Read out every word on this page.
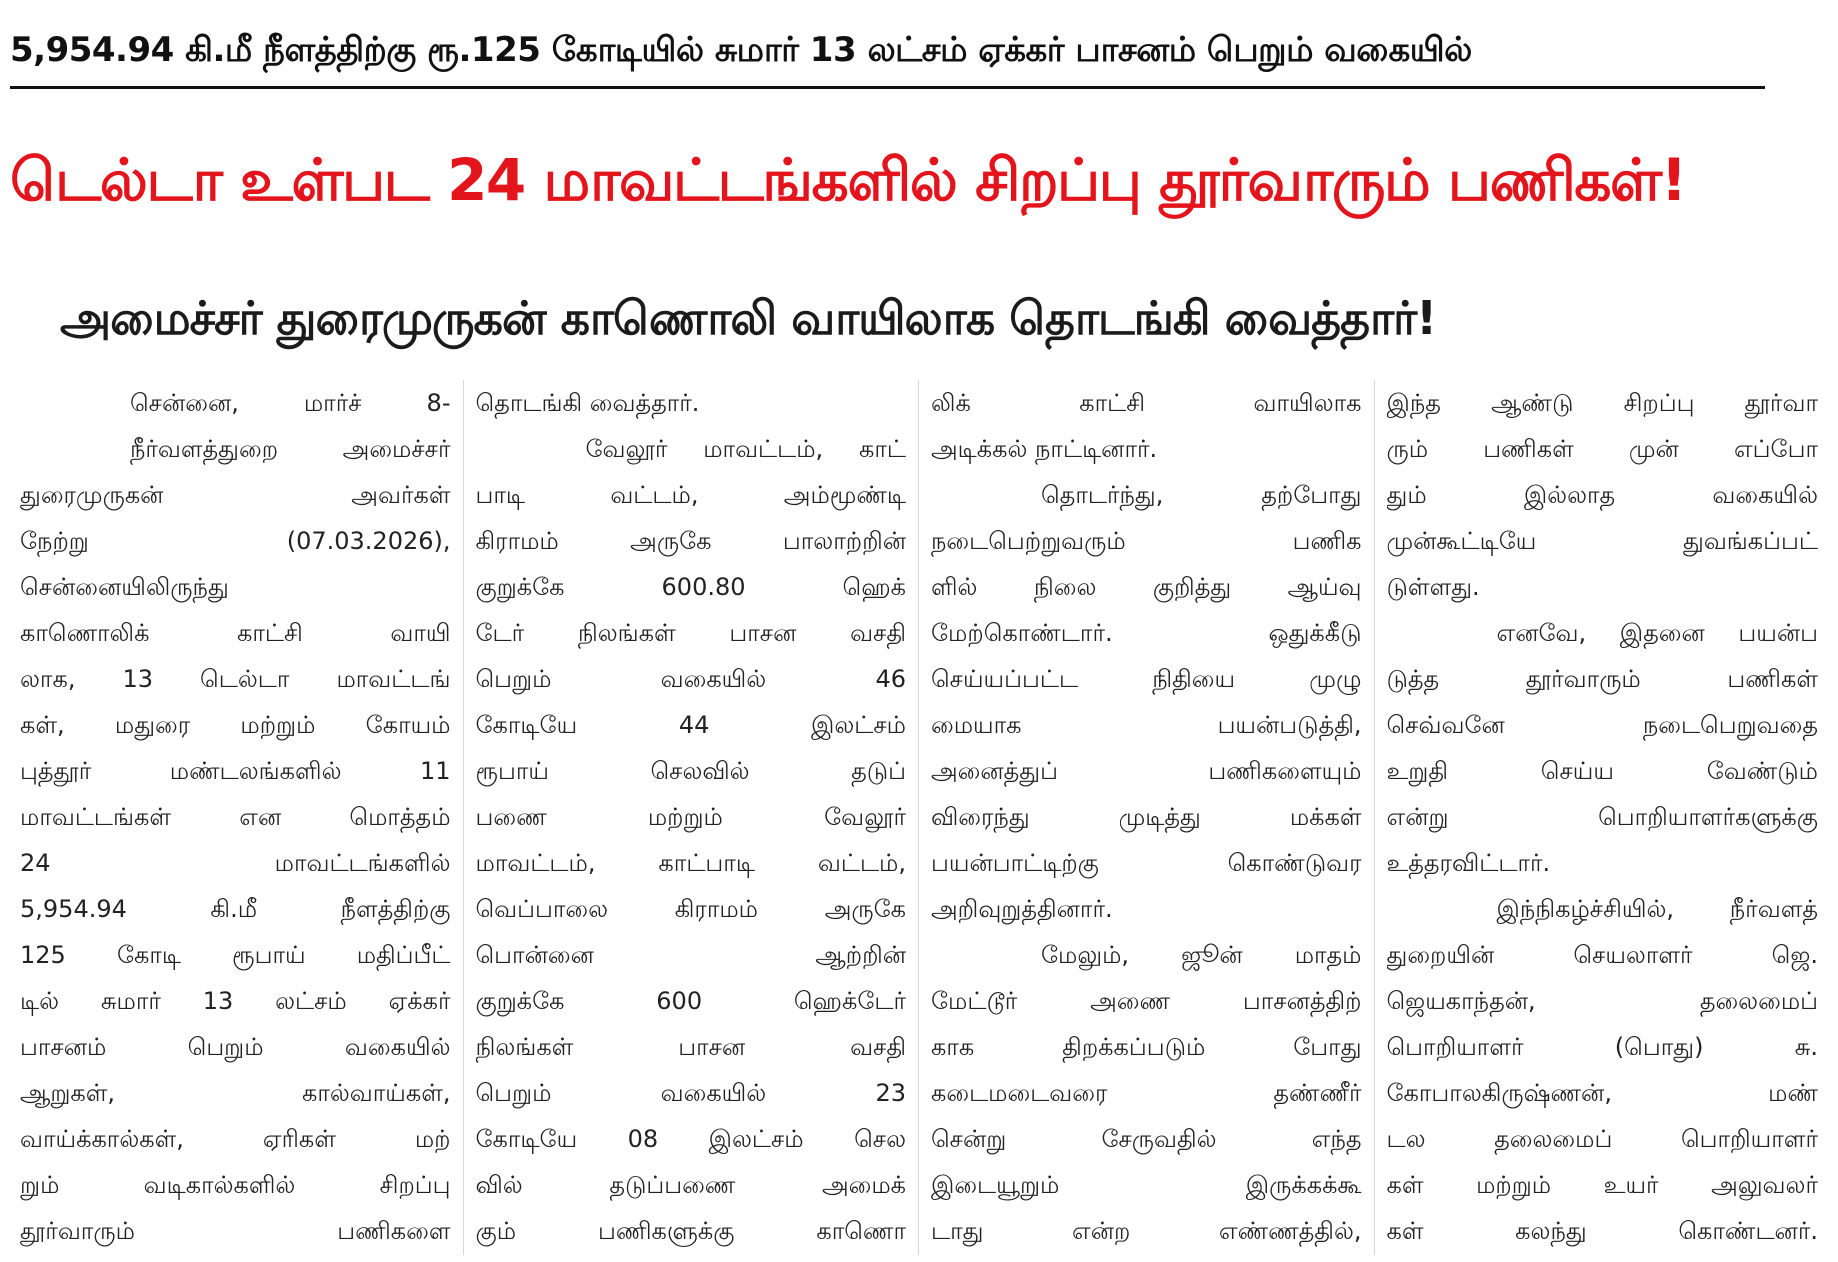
5,954.94 கி.மீ நீளத்திற்கு ரூ.125 கோடியில் சுமார் 13 லட்சம் ஏக்கர் பாசனம் பெறும் வகையில்
டெல்டா உள்பட 24 மாவட்டங்களில் சிறப்பு தூர்வாரும் பணிகள்!
அமைச்சர் துரைமுருகன் காணொலி வாயிலாக தொடங்கி வைத்தார்!
சென்னை, மார்ச் 8-
நீர்வளத்துறை அமைச்சர்
துரைமுருகன் அவர்கள்
நேற்று (07.03.2026),
சென்னையிலிருந்து
காணொலிக் காட்சி வாயி
லாக, 13 டெல்டா மாவட்டங்
கள், மதுரை மற்றும் கோயம்
புத்தூர் மண்டலங்களில் 11
மாவட்டங்கள் என மொத்தம்
24 மாவட்டங்களில்
5,954.94 கி.மீ நீளத்திற்கு
125 கோடி ரூபாய் மதிப்பீட்
டில் சுமார் 13 லட்சம் ஏக்கர்
பாசனம் பெறும் வகையில்
ஆறுகள், கால்வாய்கள்,
வாய்க்கால்கள், ஏரிகள் மற்
றும் வடிகால்களில் சிறப்பு
தூர்வாரும் பணிகளை
தொடங்கி வைத்தார்.
வேலூர் மாவட்டம், காட்
பாடி வட்டம், அம்மூண்டி
கிராமம் அருகே பாலாற்றின்
குறுக்கே 600.80 ஹெக்
டேர் நிலங்கள் பாசன வசதி
பெறும் வகையில் 46
கோடியே 44 இலட்சம்
ரூபாய் செலவில் தடுப்
பணை மற்றும் வேலூர்
மாவட்டம், காட்பாடி வட்டம்,
வெப்பாலை கிராமம் அருகே
பொன்னை ஆற்றின்
குறுக்கே 600 ஹெக்டேர்
நிலங்கள் பாசன வசதி
பெறும் வகையில் 23
கோடியே 08 இலட்சம் செல
வில் தடுப்பணை அமைக்
கும் பணிகளுக்கு காணொ
லிக் காட்சி வாயிலாக
அடிக்கல் நாட்டினார்.
தொடர்ந்து, தற்போது
நடைபெற்றுவரும் பணிக
ளில் நிலை குறித்து ஆய்வு
மேற்கொண்டார். ஒதுக்கீடு
செய்யப்பட்ட நிதியை முழு
மையாக பயன்படுத்தி,
அனைத்துப் பணிகளையும்
விரைந்து முடித்து மக்கள்
பயன்பாட்டிற்கு கொண்டுவர
அறிவுறுத்தினார்.
மேலும், ஜூன் மாதம்
மேட்டூர் அணை பாசனத்திற்
காக திறக்கப்படும் போது
கடைமடைவரை தண்ணீர்
சென்று சேருவதில் எந்த
இடையூறும் இருக்கக்கூ
டாது என்ற எண்ணத்தில்,
இந்த ஆண்டு சிறப்பு தூர்வா
ரும் பணிகள் முன் எப்போ
தும் இல்லாத வகையில்
முன்கூட்டியே துவங்கப்பட்
டுள்ளது.
எனவே, இதனை பயன்ப
டுத்த தூர்வாரும் பணிகள்
செவ்வனே நடைபெறுவதை
உறுதி செய்ய வேண்டும்
என்று பொறியாளர்களுக்கு
உத்தரவிட்டார்.
இந்நிகழ்ச்சியில், நீர்வளத்
துறையின் செயலாளர் ஜெ.
ஜெயகாந்தன், தலைமைப்
பொறியாளர் (பொது) சு.
கோபாலகிருஷ்ணன், மண்
டல தலைமைப் பொறியாளர்
கள் மற்றும் உயர் அலுவலர்
கள் கலந்து கொண்டனர்.
